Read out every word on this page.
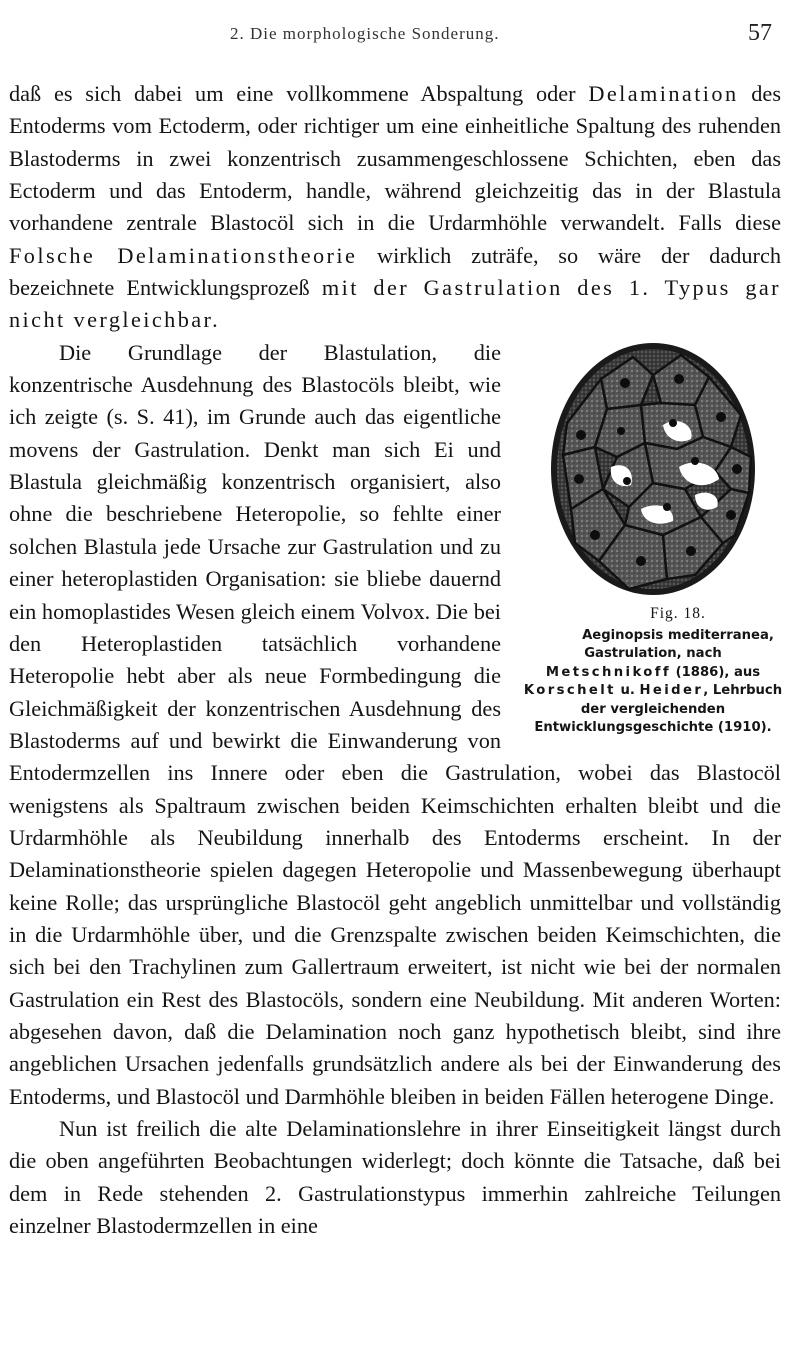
2. Die morphologische Sonderung.	57

daß es sich dabei um eine vollkommene Abspaltung oder Delamination des Entoderms vom Ectoderm, oder richtiger um eine einheitliche Spaltung des ruhenden Blastoderms in zwei konzentrisch zusammengeschlossene Schichten, eben das Ectoderm und das Entoderm, handle, während gleichzeitig das in der Blastula vorhandene zentrale Blastocöl sich in die Urdarmhöhle verwandelt. Falls diese Folsche Delaminationstheorie wirklich zuträfe, so wäre der dadurch bezeichnete Entwicklungsprozeß mit der Gastrulation des 1. Typus gar nicht vergleichbar.

Fig. 18.
Aeginopsis mediterranea, Gastrulation, nach Metschnikoff (1886), aus Korschelt u. Heider, Lehrbuch der vergleichenden Entwicklungsgeschichte (1910).
Die Grundlage der Blastulation, die konzentrische Ausdehnung des Blastocöls bleibt, wie ich zeigte (s. S. 41), im Grunde auch das eigentliche movens der Gastrulation. Denkt man sich Ei und Blastula gleichmäßig konzentrisch organisiert, also ohne die beschriebene Heteropolie, so fehlte einer solchen Blastula jede Ursache zur Gastrulation und zu einer heteroplastiden Organisation: sie bliebe dauernd ein homoplastides Wesen gleich einem Volvox. Die bei den Heteroplastiden tatsächlich vorhandene Heteropolie hebt aber als neue Formbedingung die Gleichmäßigkeit der konzentrischen Ausdehnung des Blastoderms auf und bewirkt die Einwanderung von Entodermzellen ins Innere oder eben die Gastrulation, wobei das Blastocöl wenigstens als Spaltraum zwischen beiden Keimschichten erhalten bleibt und die Urdarmhöhle als Neubildung innerhalb des Entoderms erscheint. In der Delaminationstheorie spielen dagegen Heteropolie und Massenbewegung überhaupt keine Rolle; das ursprüngliche Blastocöl geht angeblich unmittelbar und vollständig in die Urdarmhöhle über, und die Grenzspalte zwischen beiden Keimschichten, die sich bei den Trachylinen zum Gallertraum erweitert, ist nicht wie bei der normalen Gastrulation ein Rest des Blastocöls, sondern eine Neubildung. Mit anderen Worten: abgesehen davon, daß die Delamination noch ganz hypothetisch bleibt, sind ihre angeblichen Ursachen jedenfalls grundsätzlich andere als bei der Einwanderung des Entoderms, und Blastocöl und Darmhöhle bleiben in beiden Fällen heterogene Dinge.

Nun ist freilich die alte Delaminationslehre in ihrer Einseitigkeit längst durch die oben angeführten Beobachtungen widerlegt; doch könnte die Tatsache, daß bei dem in Rede stehenden 2. Gastrulationstypus immerhin zahlreiche Teilungen einzelner Blastodermzellen in eine
